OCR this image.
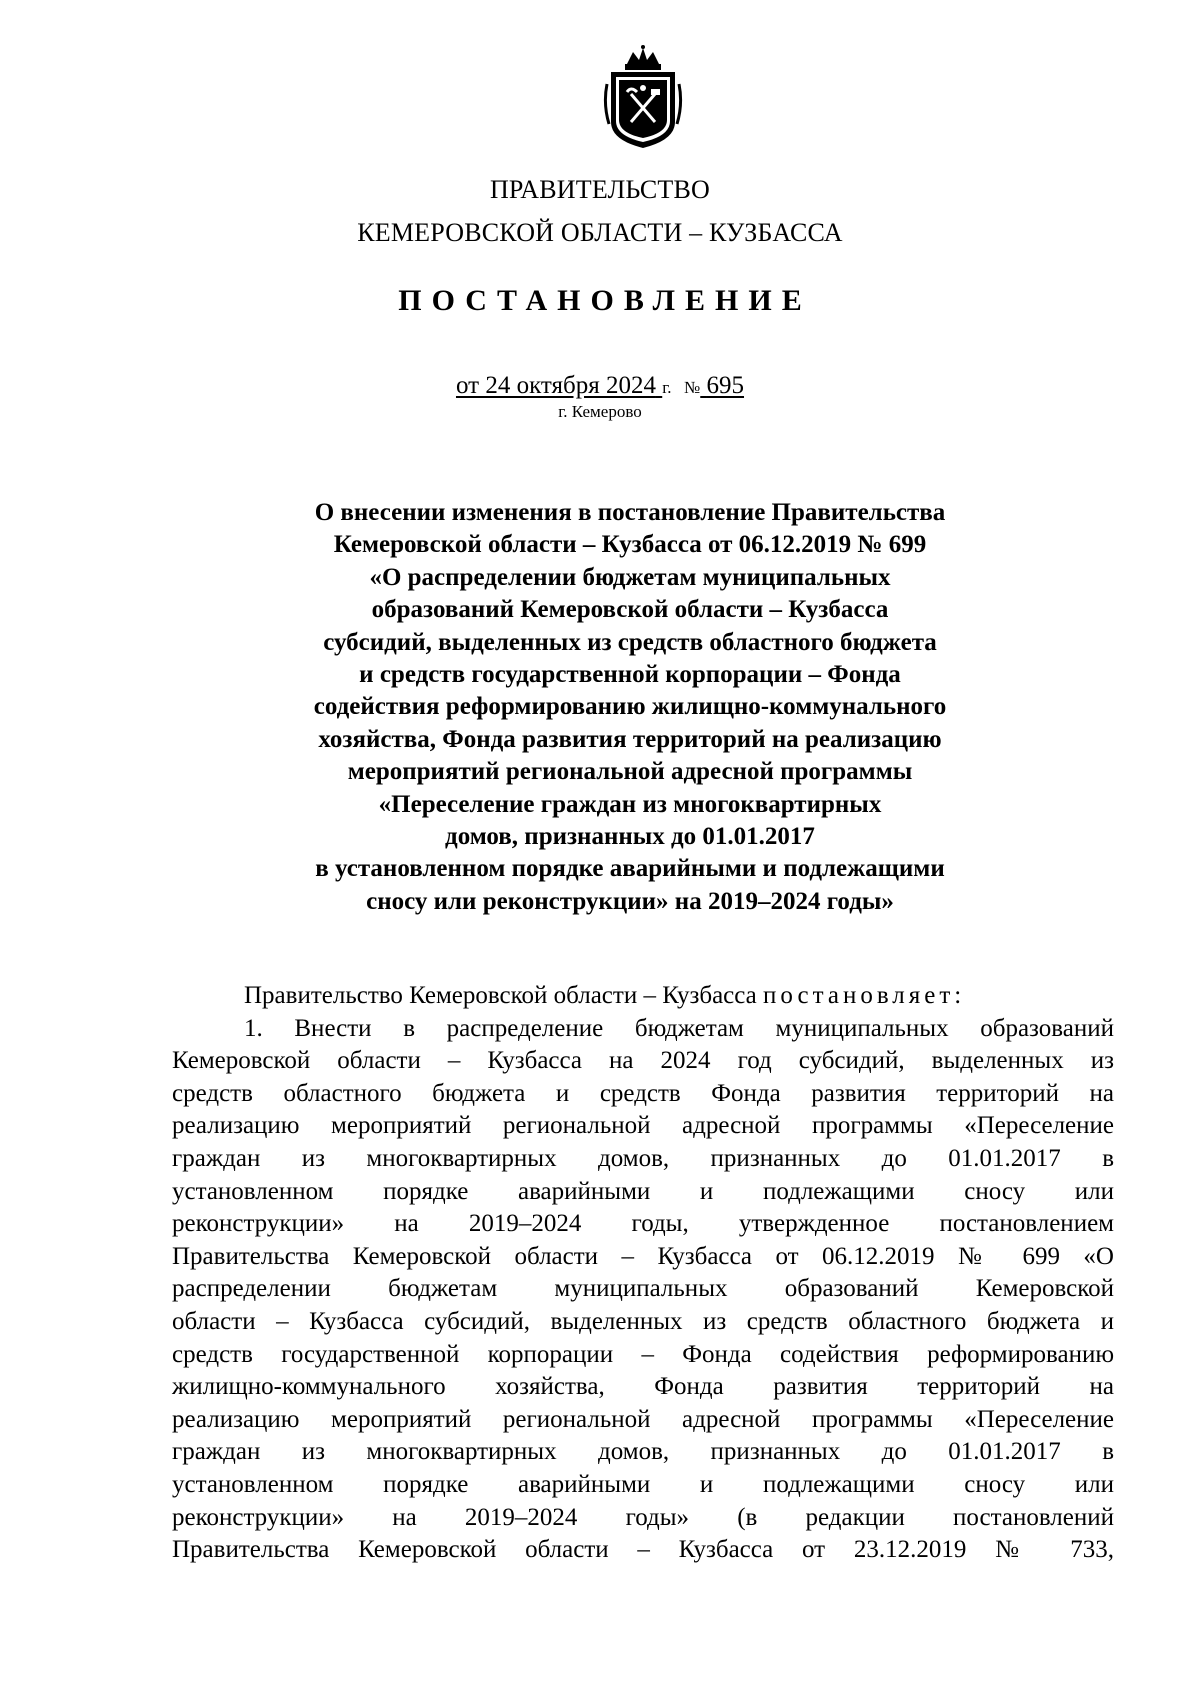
ПРАВИТЕЛЬСТВО
КЕМЕРОВСКОЙ ОБЛАСТИ – КУЗБАССА
ПОСТАНОВЛЕНИЕ
от 24 октября 2024 г. № 695
г. Кемерово
О внесении изменения в постановление Правительства
Кемеровской области – Кузбасса от 06.12.2019 № 699
«О распределении бюджетам муниципальных
образований Кемеровской области – Кузбасса
субсидий, выделенных из средств областного бюджета
и средств государственной корпорации – Фонда
содействия реформированию жилищно-коммунального
хозяйства, Фонда развития территорий на реализацию
мероприятий региональной адресной программы
«Переселение граждан из многоквартирных
домов, признанных до 01.01.2017
в установленном порядке аварийными и подлежащими
сносу или реконструкции» на 2019–2024 годы»
Правительство Кемеровской области – Кузбасса постановляет:
1. Внести в распределение бюджетам муниципальных образований
Кемеровской области – Кузбасса на 2024 год субсидий, выделенных из
средств областного бюджета и средств Фонда развития территорий на
реализацию мероприятий региональной адресной программы «Переселение
граждан из многоквартирных домов, признанных до 01.01.2017 в
установленном порядке аварийными и подлежащими сносу или
реконструкции» на 2019–2024 годы, утвержденное постановлением
Правительства Кемеровской области – Кузбасса от 06.12.2019 № 699 «О
распределении бюджетам муниципальных образований Кемеровской
области – Кузбасса субсидий, выделенных из средств областного бюджета и
средств государственной корпорации – Фонда содействия реформированию
жилищно-коммунального хозяйства, Фонда развития территорий на
реализацию мероприятий региональной адресной программы «Переселение
граждан из многоквартирных домов, признанных до 01.01.2017 в
установленном порядке аварийными и подлежащими сносу или
реконструкции» на 2019–2024 годы» (в редакции постановлений
Правительства Кемеровской области – Кузбасса от 23.12.2019 № 733,
